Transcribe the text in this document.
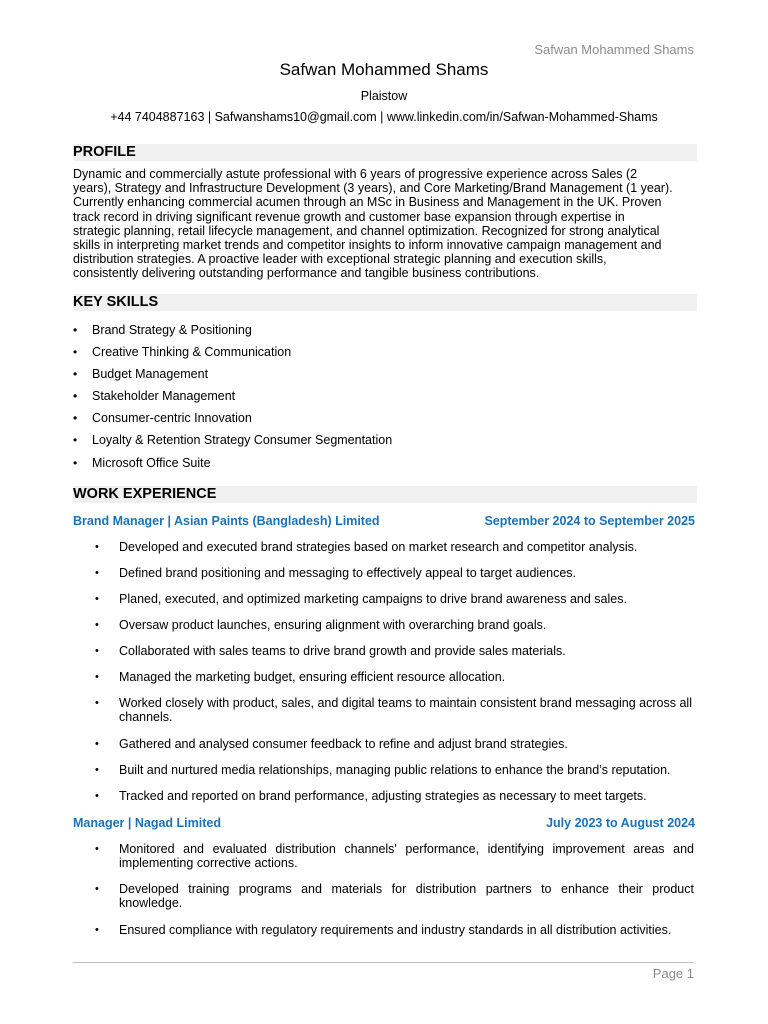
Safwan Mohammed Shams
Safwan Mohammed Shams
Plaistow
+44 7404887163 | Safwanshams10@gmail.com | www.linkedin.com/in/Safwan-Mohammed-Shams
PROFILE
Dynamic and commercially astute professional with 6 years of progressive experience across Sales (2
years), Strategy and Infrastructure Development (3 years), and Core Marketing/Brand Management (1 year).
Currently enhancing commercial acumen through an MSc in Business and Management in the UK. Proven
track record in driving significant revenue growth and customer base expansion through expertise in
strategic planning, retail lifecycle management, and channel optimization. Recognized for strong analytical
skills in interpreting market trends and competitor insights to inform innovative campaign management and
distribution strategies. A proactive leader with exceptional strategic planning and execution skills,
consistently delivering outstanding performance and tangible business contributions.
KEY SKILLS
• Brand Strategy & Positioning
• Creative Thinking & Communication
• Budget Management
• Stakeholder Management
• Consumer-centric Innovation
• Loyalty & Retention Strategy Consumer Segmentation
• Microsoft Office Suite
WORK EXPERIENCE
Brand Manager | Asian Paints (Bangladesh) Limited	September 2024 to September 2025
• Developed and executed brand strategies based on market research and competitor analysis.
• Defined brand positioning and messaging to effectively appeal to target audiences.
• Planed, executed, and optimized marketing campaigns to drive brand awareness and sales.
• Oversaw product launches, ensuring alignment with overarching brand goals.
• Collaborated with sales teams to drive brand growth and provide sales materials.
• Managed the marketing budget, ensuring efficient resource allocation.
• Worked closely with product, sales, and digital teams to maintain consistent brand messaging across all channels.
• Gathered and analysed consumer feedback to refine and adjust brand strategies.
• Built and nurtured media relationships, managing public relations to enhance the brand’s reputation.
• Tracked and reported on brand performance, adjusting strategies as necessary to meet targets.
Manager | Nagad Limited	July 2023 to August 2024
• Monitored and evaluated distribution channels' performance, identifying improvement areas and implementing corrective actions.
• Developed training programs and materials for distribution partners to enhance their product knowledge.
• Ensured compliance with regulatory requirements and industry standards in all distribution activities.
Page 1
